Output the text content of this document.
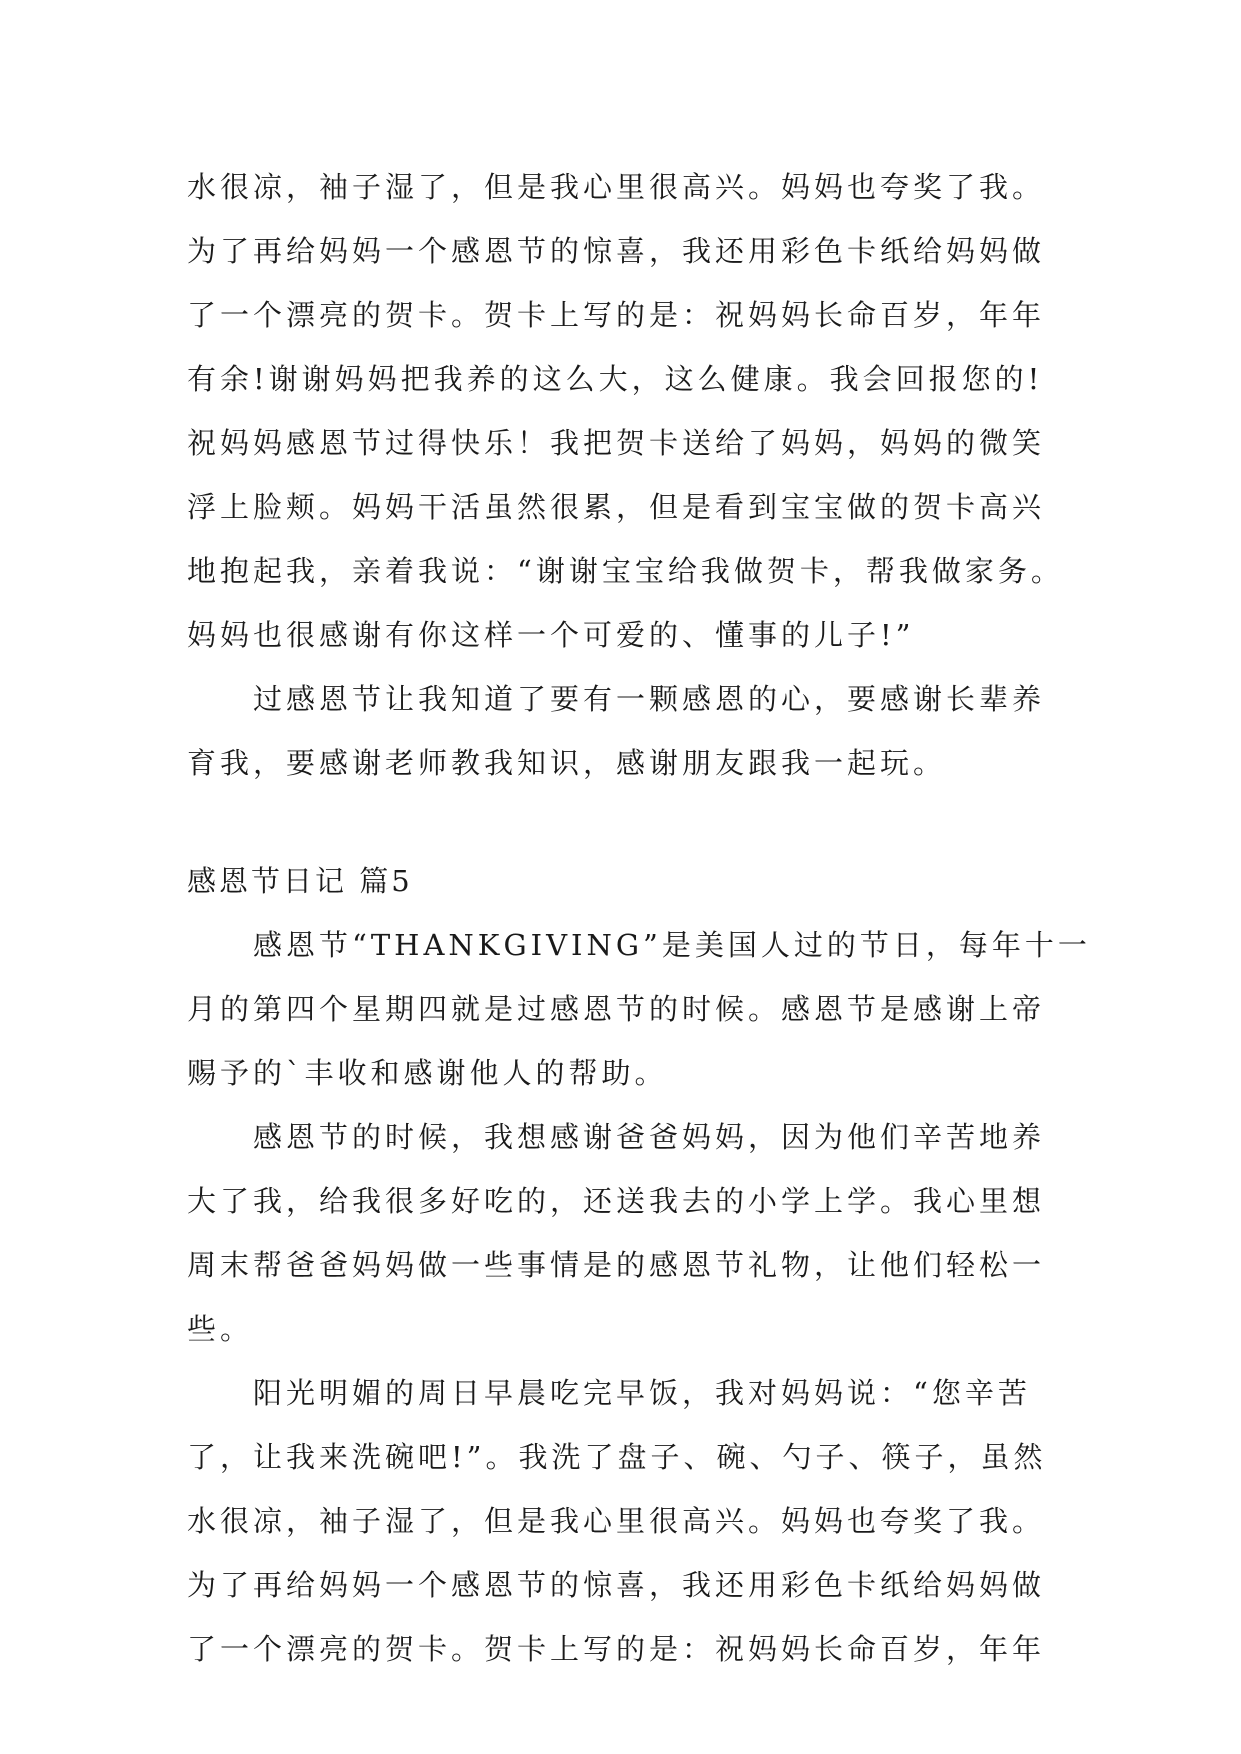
水很凉，袖子湿了，但是我心里很高兴。妈妈也夸奖了我。
为了再给妈妈一个感恩节的惊喜，我还用彩色卡纸给妈妈做
了一个漂亮的贺卡。贺卡上写的是：祝妈妈长命百岁，年年
有余!谢谢妈妈把我养的这么大，这么健康。我会回报您的!
祝妈妈感恩节过得快乐！我把贺卡送给了妈妈，妈妈的微笑
浮上脸颊。妈妈干活虽然很累，但是看到宝宝做的贺卡高兴
地抱起我，亲着我说：“谢谢宝宝给我做贺卡，帮我做家务。
妈妈也很感谢有你这样一个可爱的、懂事的儿子!”
过感恩节让我知道了要有一颗感恩的心，要感谢长辈养
育我，要感谢老师教我知识，感谢朋友跟我一起玩。
感恩节日记 篇5
感恩节“THANKGIVING”是美国人过的节日，每年十一
月的第四个星期四就是过感恩节的时候。感恩节是感谢上帝
赐予的`丰收和感谢他人的帮助。
感恩节的时候，我想感谢爸爸妈妈，因为他们辛苦地养
大了我，给我很多好吃的，还送我去的小学上学。我心里想
周末帮爸爸妈妈做一些事情是的感恩节礼物，让他们轻松一
些。
阳光明媚的周日早晨吃完早饭，我对妈妈说：“您辛苦
了，让我来洗碗吧!”。我洗了盘子、碗、勺子、筷子，虽然
水很凉，袖子湿了，但是我心里很高兴。妈妈也夸奖了我。
为了再给妈妈一个感恩节的惊喜，我还用彩色卡纸给妈妈做
了一个漂亮的贺卡。贺卡上写的是：祝妈妈长命百岁，年年
